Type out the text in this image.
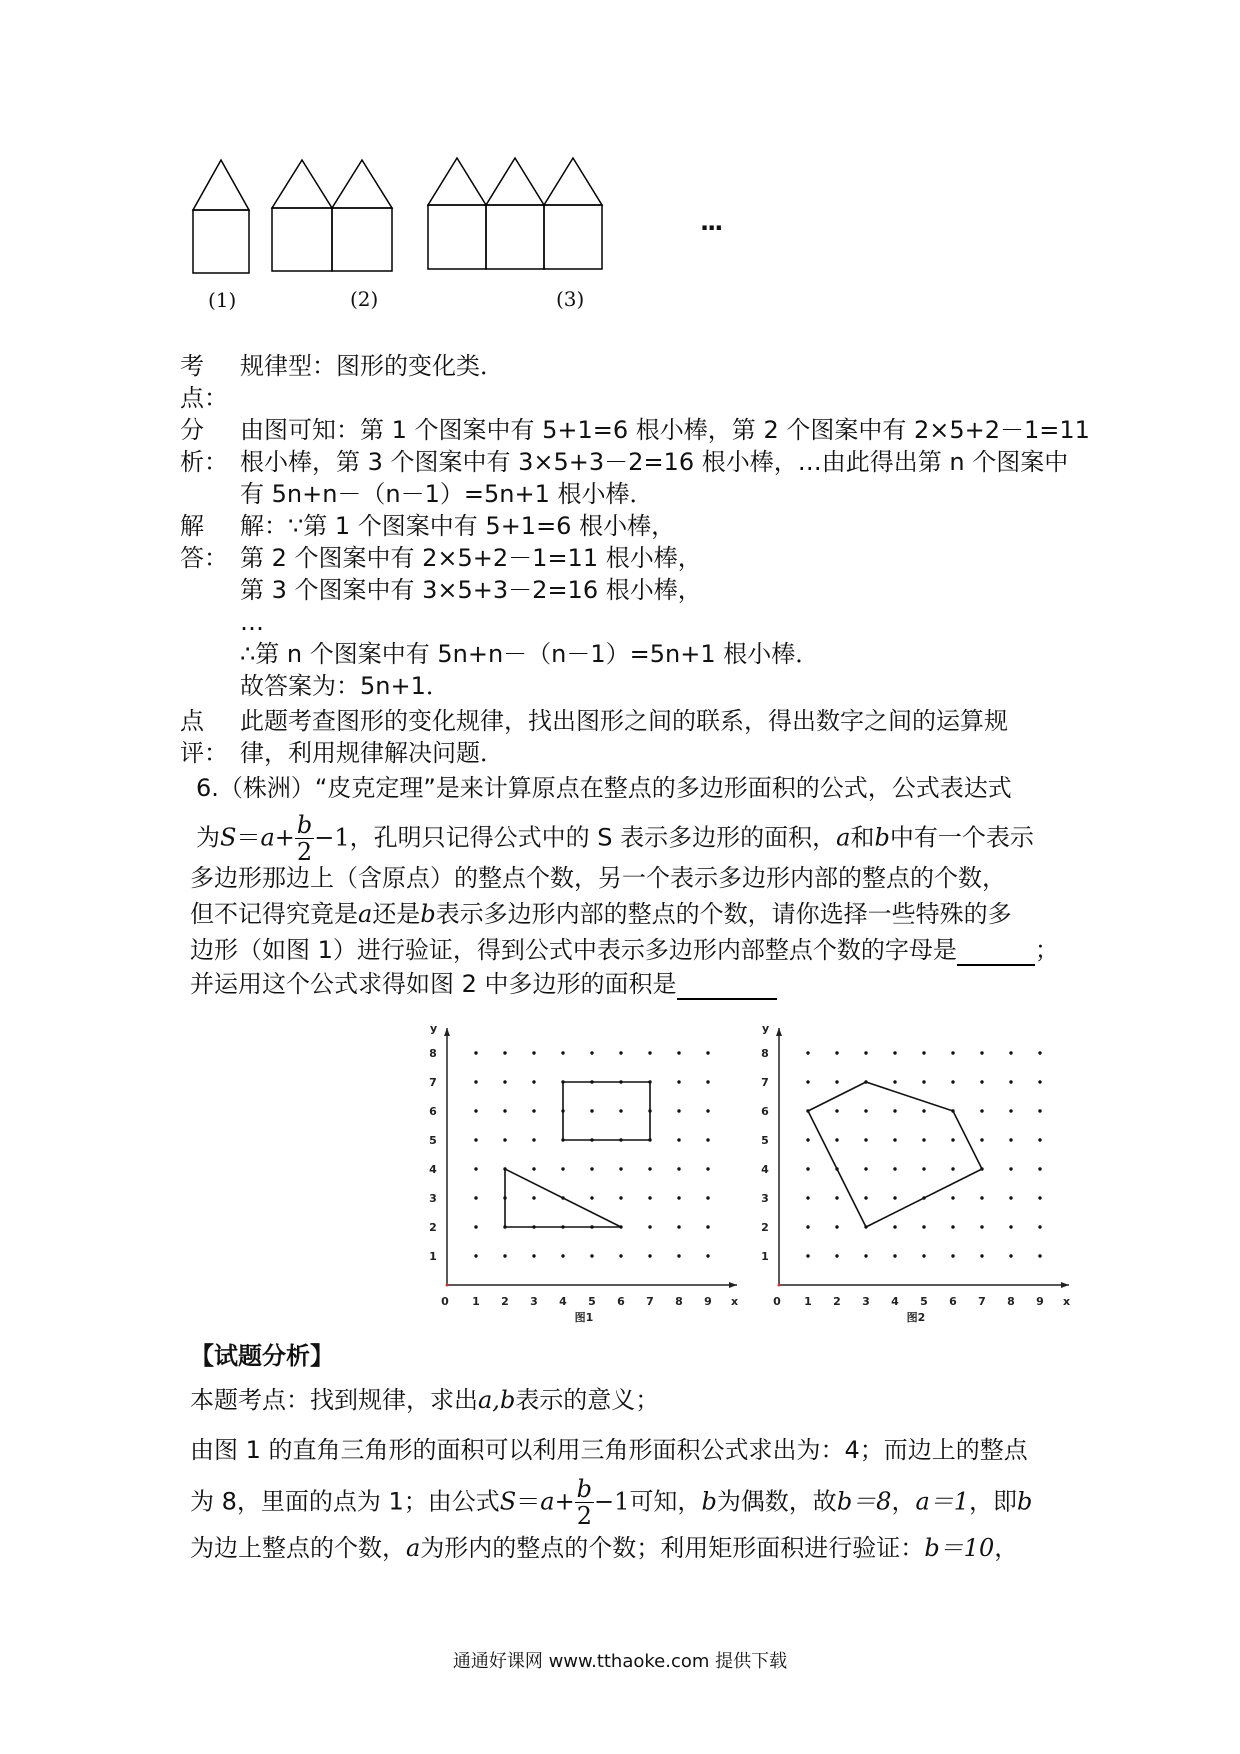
(1)	(2)	(3)
···
考
点：
规律型：图形的变化类．
分
析：
由图可知：第 1 个图案中有 5+1=6 根小棒，第 2 个图案中有 2×5+2－1=11
根小棒，第 3 个图案中有 3×5+3－2=16 根小棒，…由此得出第 n 个图案中
有 5n+n－（n－1）=5n+1 根小棒．
解
答：
解：∵第 1 个图案中有 5+1=6 根小棒，
第 2 个图案中有 2×5+2－1=11 根小棒，
第 3 个图案中有 3×5+3－2=16 根小棒，
…
∴第 n 个图案中有 5n+n－（n－1）=5n+1 根小棒．
故答案为：5n+1．
点
评：
此题考查图形的变化规律，找出图形之间的联系，得出数字之间的运算规
律，利用规律解决问题．
6.（株洲）“皮克定理”是来计算原点在整点的多边形面积的公式，公式表达式
为$S=a+ \frac{b}{2} -1$，孔明只记得公式中的 S 表示多边形的面积，a和b中有一个表示
多边形那边上（含原点）的整点个数，另一个表示多边形内部的整点的个数，
但不记得究竟是a还是b表示多边形内部的整点的个数，请你选择一些特殊的多
边形（如图 1）进行验证，得到公式中表示多边形内部整点个数的字母是	；
并运用这个公式求得如图 2 中多边形的面积是
0 1 2 3 4 5 6 7 8 9
1
2
3
4
5
6
7
8
x
y
图1
0 1 2 3 4 5 6 7 8 9
1
2
3
4
5
6
7
8
x
y
图2
【试题分析】
本题考点：找到规律，求出a,b表示的意义；
由图 1 的直角三角形的面积可以利用三角形面积公式求出为：4；而边上的整点
为 8，里面的点为 1；由公式$S=a+ \frac{b}{2} -1$可知，b为偶数，故b＝8，a＝1，即b
为边上整点的个数，a为形内的整点的个数；利用矩形面积进行验证：b＝10，
通通好课网 www.tthaoke.com 提供下载
